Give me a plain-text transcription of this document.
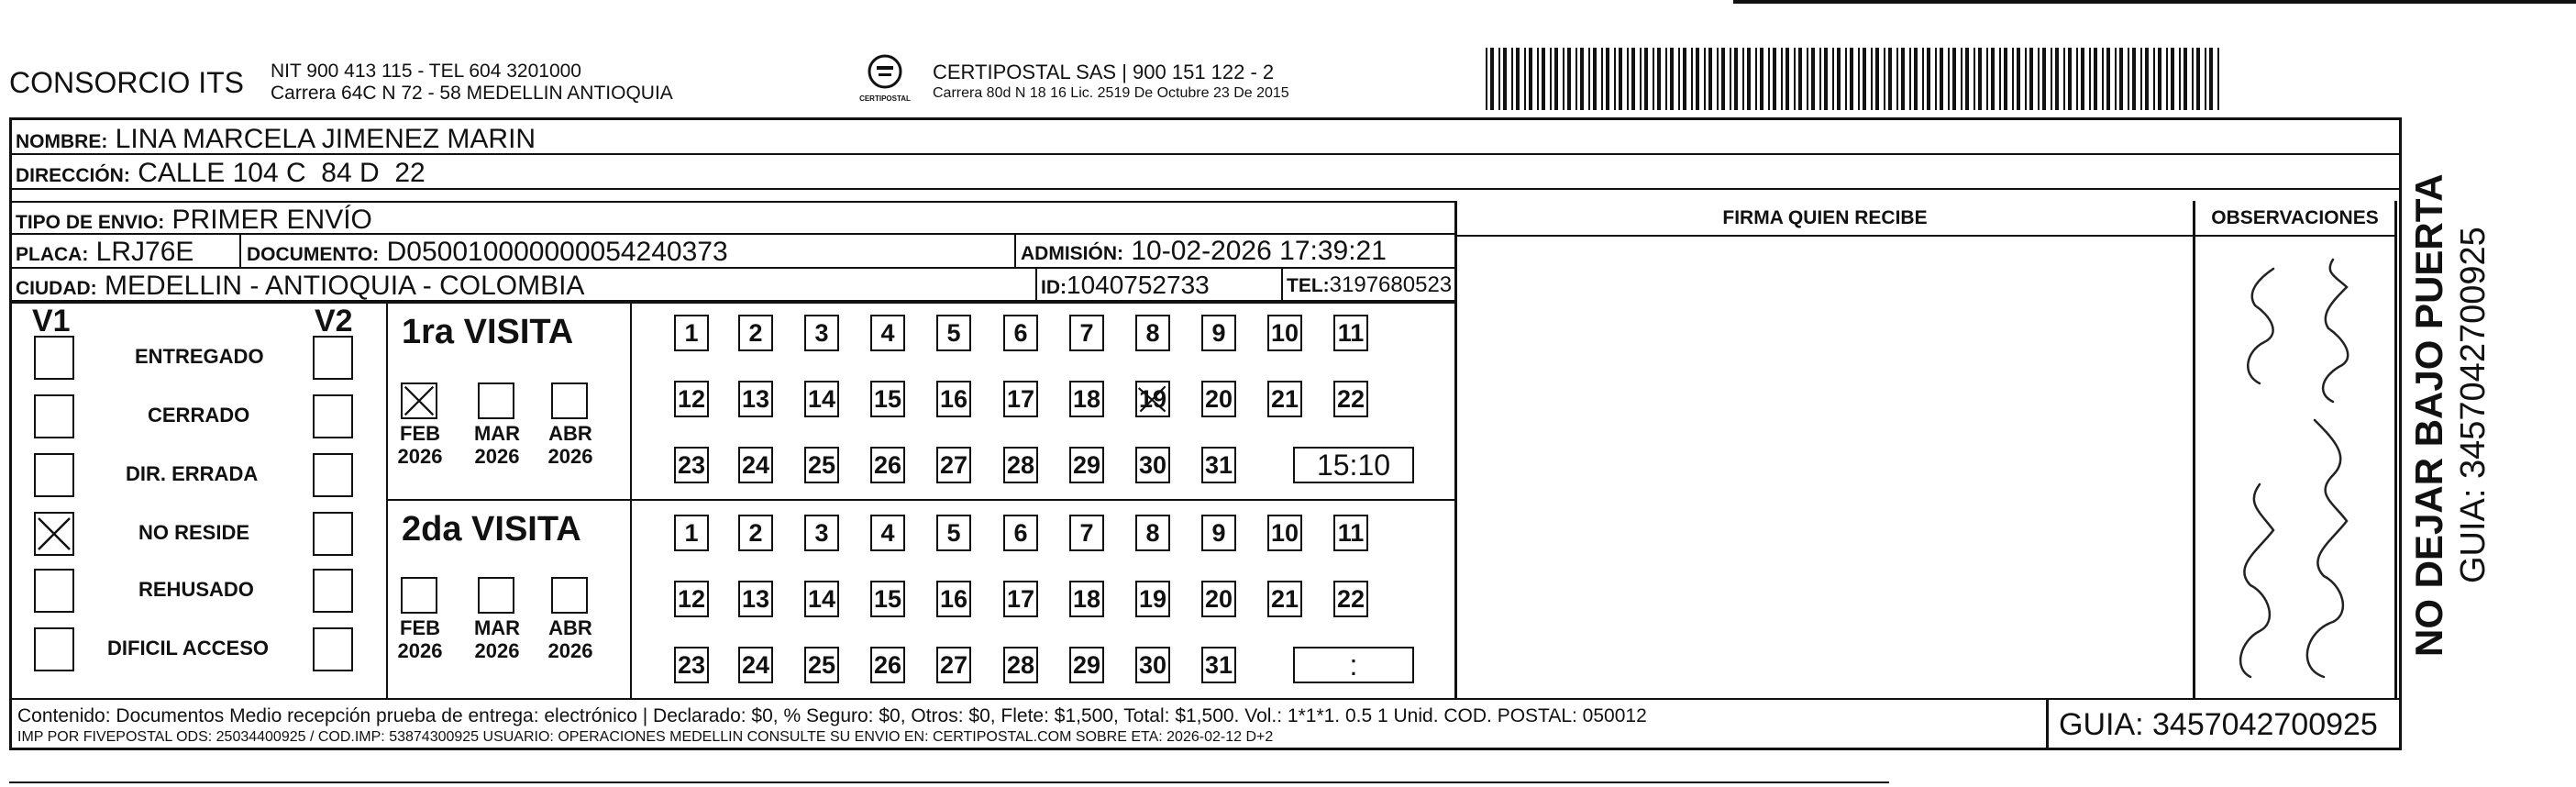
CONSORCIO ITS NIT 900 413 115 - TEL 604 3201000
Carrera 64C N 72 - 58 MEDELLIN ANTIOQUIA	CERTIPOSTAL
CERTIPOSTAL SAS | 900 151 122 - 2
Carrera 80d N 18 16 Lic. 2519 De Octubre 23 De 2015
NOMBRE: LINA MARCELA JIMENEZ MARIN
DIRECCIÓN: CALLE 104 C  84 D  22
TIPO DE ENVIO: PRIMER ENVÍO
PLACA: LRJ76E	DOCUMENTO: D050010000000054240373	ADMISIÓN: 10-02-2026 17:39:21
CIUDAD: MEDELLIN - ANTIOQUIA - COLOMBIA	ID:1040752733	TEL:3197680523
FIRMA QUIEN RECIBE	OBSERVACIONES
V1	V2 1ra VISITA
2da VISITA
Contenido: Documentos Medio recepción prueba de entrega: electrónico | Declarado: $0, % Seguro: $0, Otros: $0, Flete: $1,500, Total: $1,500. Vol.: 1*1*1. 0.5 1 Unid. COD. POSTAL: 050012
IMP POR FIVEPOSTAL ODS: 25034400925 / COD.IMP: 53874300925 USUARIO: OPERACIONES MEDELLIN CONSULTE SU ENVIO EN: CERTIPOSTAL.COM SOBRE ETA: 2026-02-12 D+2	GUIA: 3457042700925
ENTREGADO
CERRADO
DIR. ERRADA
NO RESIDE
REHUSADO
DIFICIL ACCESO
FEB
2026
MAR
2026
ABR
2026
FEB
2026
MAR
2026
ABR
2026
1	2	3	4	5	6	7	8	9	10 11
12 13 14 15 16 17 18 19 20 21 22
23 24 25 26 27 28 29 30 31	15:10
1	2	3	4	5	6	7	8	9	10 11
12 13 14 15 16 17 18 19 20 21 22
23 24 25 26 27 28 29 30 31	:
NO DEJAR BAJO PUERTA GUIA: 3457042700925
